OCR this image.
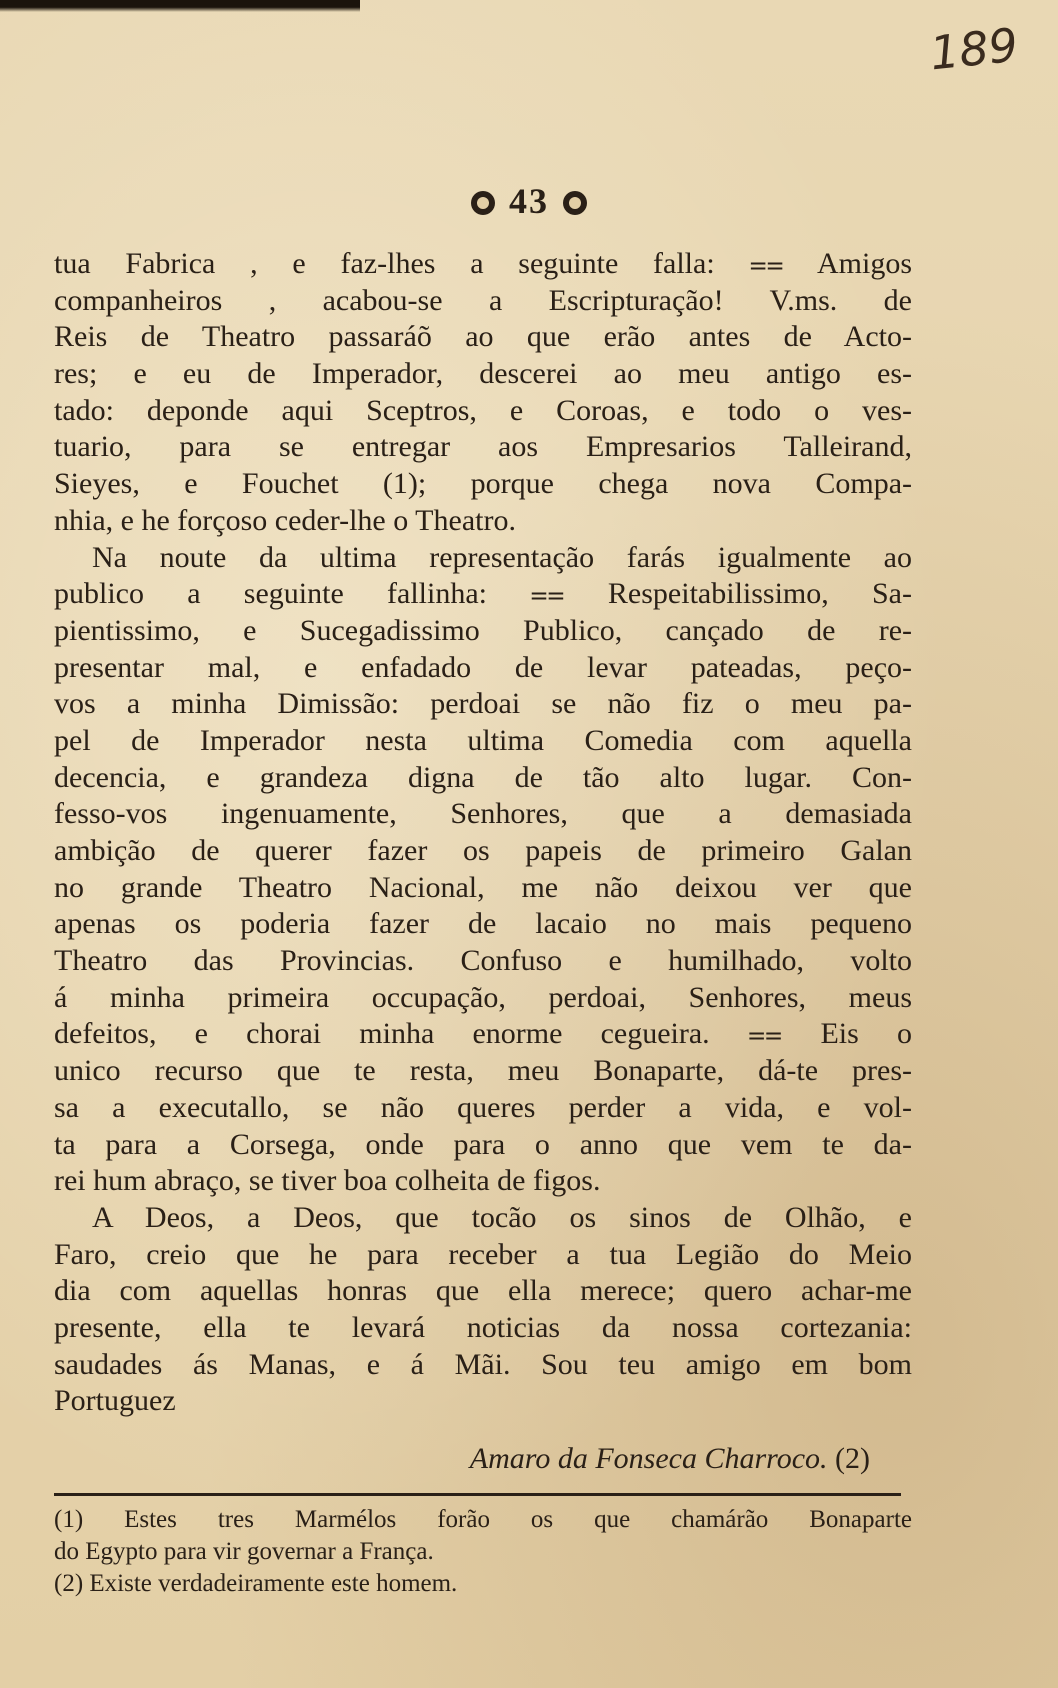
189
43
tua Fabrica , e faz-lhes a seguinte falla: ⩵ Amigos
companheiros , acabou-se a Escripturação! V.ms. de
Reis de Theatro passaráõ ao que erão antes de Acto-
res; e eu de Imperador, descerei ao meu antigo es-
tado: deponde aqui Sceptros, e Coroas, e todo o ves-
tuario, para se entregar aos Empresarios Talleirand,
Sieyes, e Fouchet (1); porque chega nova Compa-
nhia, e he forçoso ceder-lhe o Theatro.
Na noute da ultima representação farás igualmente ao
publico a seguinte fallinha: ⩵ Respeitabilissimo, Sa-
pientissimo, e Sucegadissimo Publico, cançado de re-
presentar mal, e enfadado de levar pateadas, peço-
vos a minha Dimissão: perdoai se não fiz o meu pa-
pel de Imperador nesta ultima Comedia com aquella
decencia, e grandeza digna de tão alto lugar. Con-
fesso-vos ingenuamente, Senhores, que a demasiada
ambição de querer fazer os papeis de primeiro Galan
no grande Theatro Nacional, me não deixou ver que
apenas os poderia fazer de lacaio no mais pequeno
Theatro das Provincias. Confuso e humilhado, volto
á minha primeira occupação, perdoai, Senhores, meus
defeitos, e chorai minha enorme cegueira. ⩵ Eis o
unico recurso que te resta, meu Bonaparte, dá-te pres-
sa a executallo, se não queres perder a vida, e vol-
ta para a Corsega, onde para o anno que vem te da-
rei hum abraço, se tiver boa colheita de figos.
A Deos, a Deos, que tocão os sinos de Olhão, e
Faro, creio que he para receber a tua Legião do Meio
dia com aquellas honras que ella merece; quero achar-me
presente, ella te levará noticias da nossa cortezania:
saudades ás Manas, e á Mãi. Sou teu amigo em bom
Portuguez
Amaro da Fonseca Charroco. (2)
(1) Estes tres Marmélos forão os que chamárão Bonaparte
do Egypto para vir governar a França.
(2) Existe verdadeiramente este homem.
